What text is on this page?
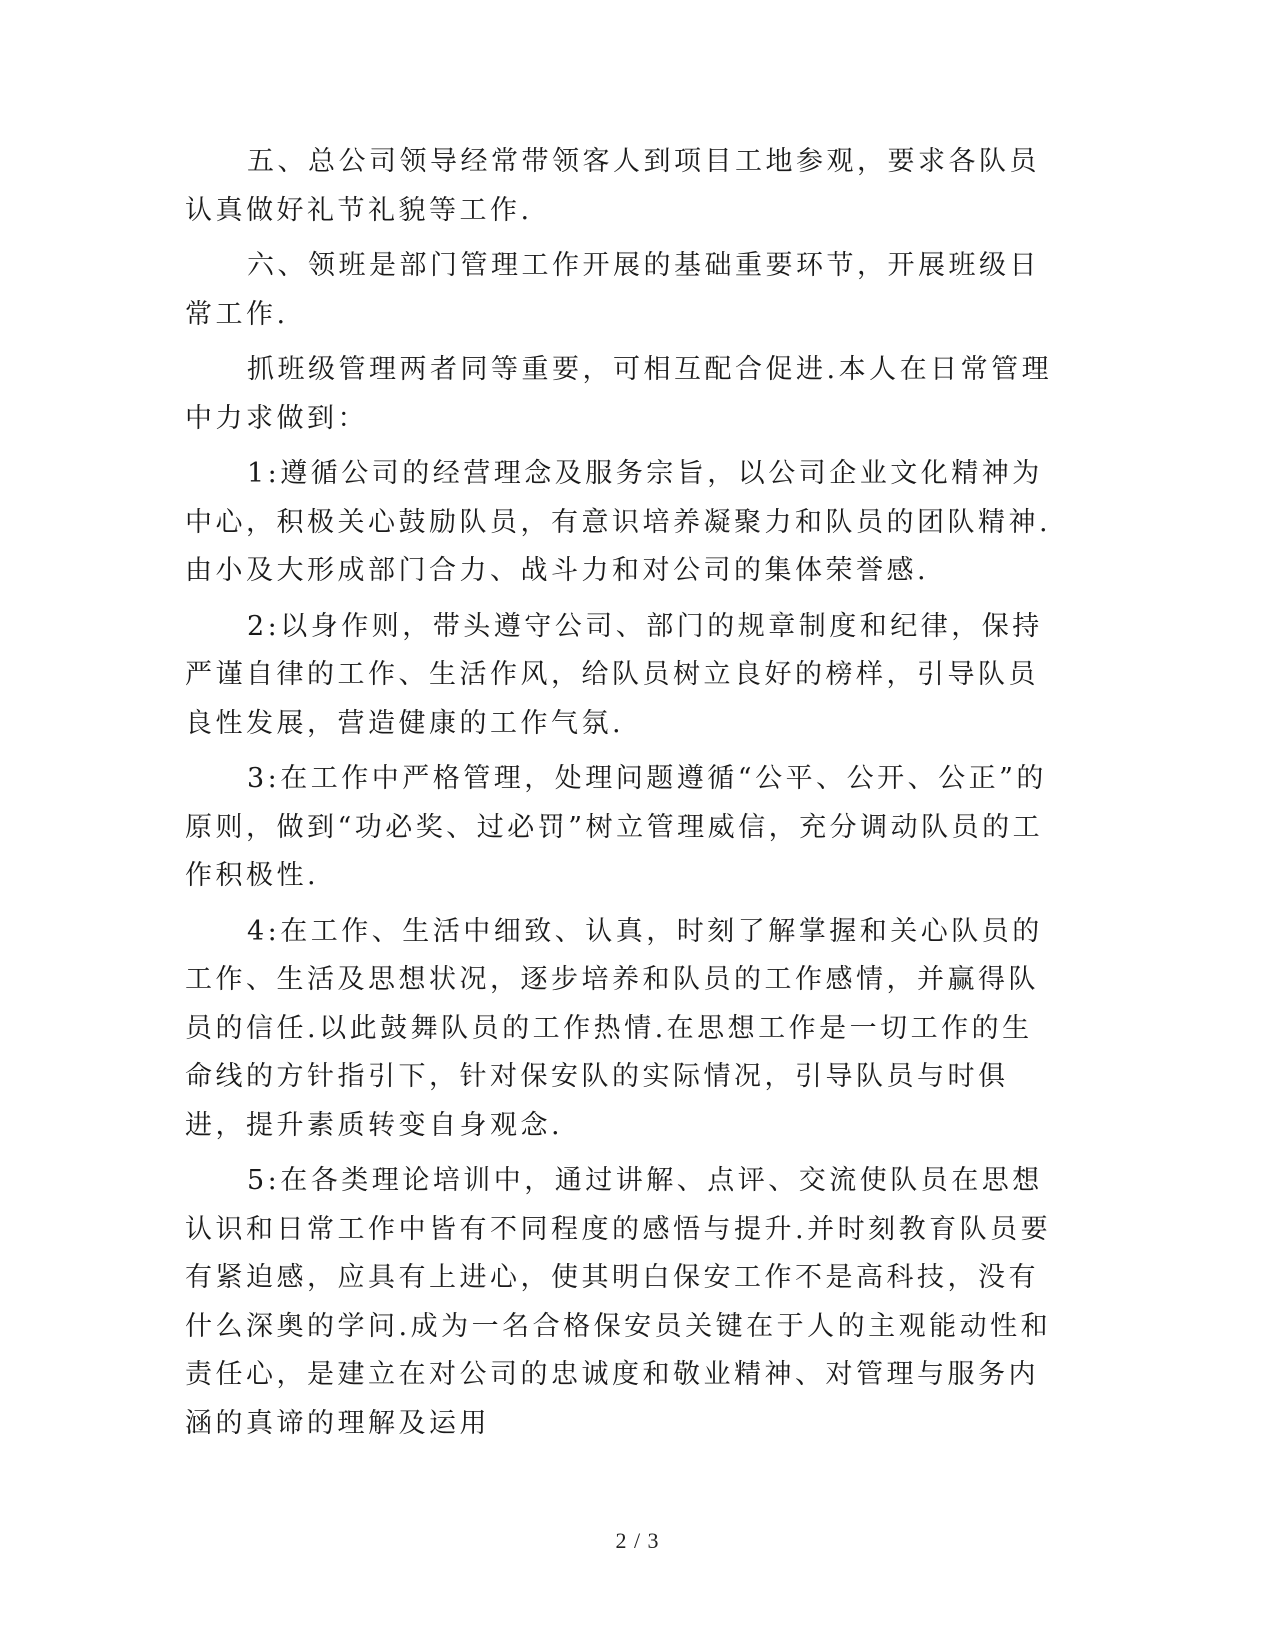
五、总公司领导经常带领客人到项目工地参观，要求各队员认真做好礼节礼貌等工作.

六、领班是部门管理工作开展的基础重要环节，开展班级日常工作.

抓班级管理两者同等重要，可相互配合促进.本人在日常管理中力求做到：

1:遵循公司的经营理念及服务宗旨，以公司企业文化精神为中心，积极关心鼓励队员，有意识培养凝聚力和队员的团队精神.由小及大形成部门合力、战斗力和对公司的集体荣誉感.

2:以身作则，带头遵守公司、部门的规章制度和纪律，保持严谨自律的工作、生活作风，给队员树立良好的榜样，引导队员良性发展，营造健康的工作气氛.

3:在工作中严格管理，处理问题遵循“公平、公开、公正”的原则，做到“功必奖、过必罚”树立管理威信，充分调动队员的工作积极性.

4:在工作、生活中细致、认真，时刻了解掌握和关心队员的工作、生活及思想状况，逐步培养和队员的工作感情，并赢得队员的信任.以此鼓舞队员的工作热情.在思想工作是一切工作的生命线的方针指引下，针对保安队的实际情况，引导队员与时俱进，提升素质转变自身观念.

5:在各类理论培训中，通过讲解、点评、交流使队员在思想认识和日常工作中皆有不同程度的感悟与提升.并时刻教育队员要有紧迫感，应具有上进心，使其明白保安工作不是高科技，没有什么深奥的学问.成为一名合格保安员关键在于人的主观能动性和责任心，是建立在对公司的忠诚度和敬业精神、对管理与服务内涵的真谛的理解及运用

2 / 3
